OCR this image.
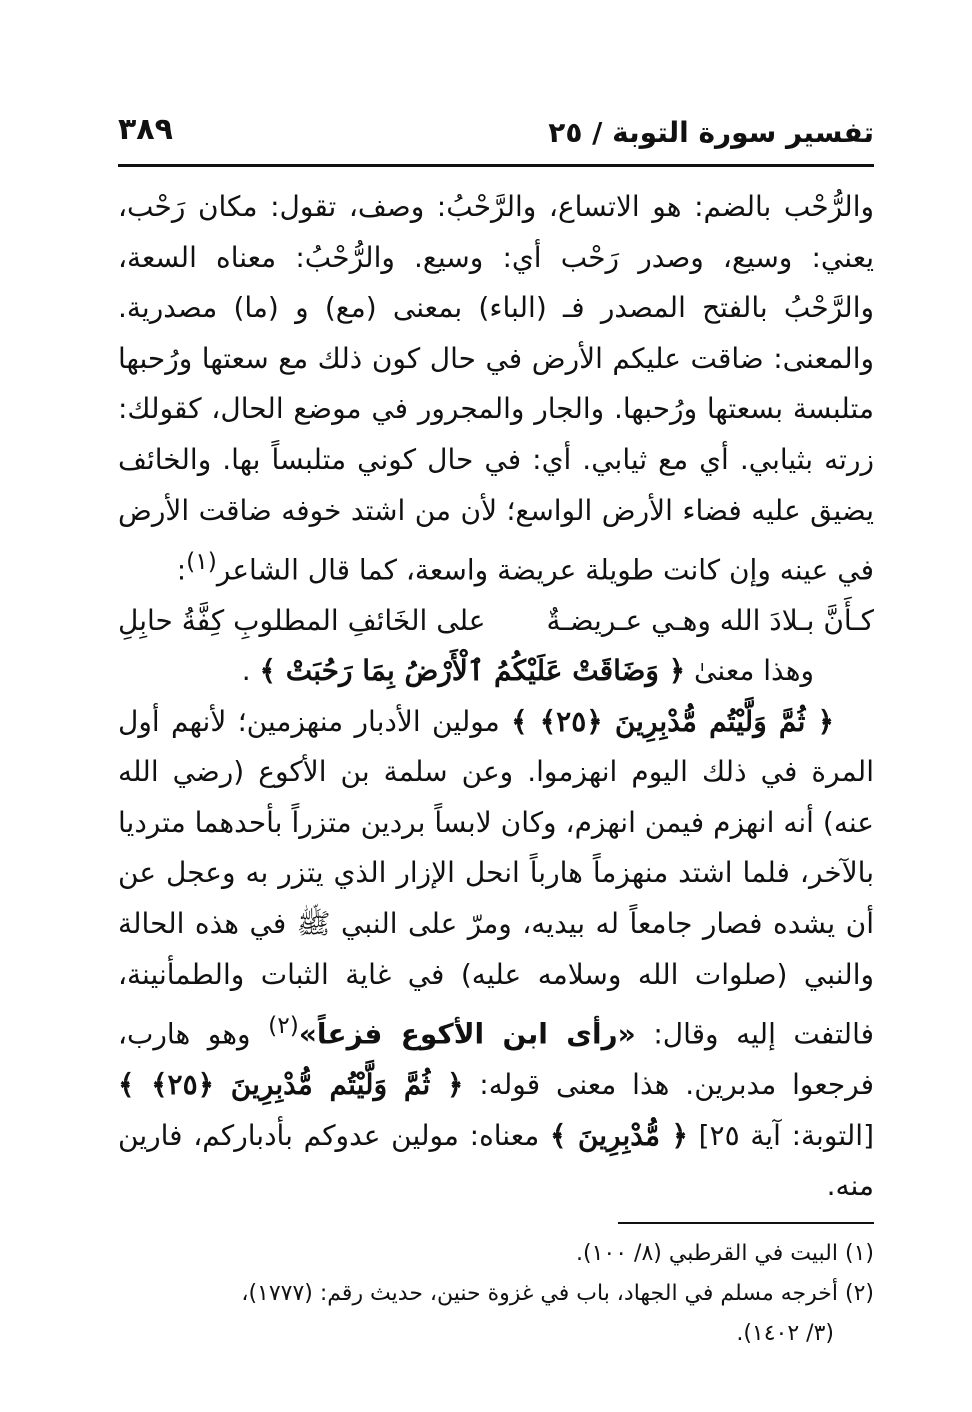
تفسير سورة التوبة / ٢٥
٣٨٩

والرُّحْب بالضم: هو الاتساع، والرَّحْبُ: وصف، تقول: مكان رَحْب، يعني: وسيع، وصدر رَحْب أي: وسيع. والرُّحْبُ: معناه السعة، والرَّحْبُ بالفتح المصدر فـ (الباء) بمعنى (مع) و (ما) مصدرية. والمعنى: ضاقت عليكم الأرض في حال كون ذلك مع سعتها ورُحبها متلبسة بسعتها ورُحبها. والجار والمجرور في موضع الحال، كقولك: زرته بثيابي. أي مع ثيابي. أي: في حال كوني متلبساً بها. والخائف يضيق عليه فضاء الأرض الواسع؛ لأن من اشتد خوفه ضاقت الأرض في عينه وإن كانت طويلة عريضة واسعة، كما قال الشاعر$^{(١)}$:

كـأَنَّ بـلادَ الله وهـي عـريضـةٌ
على الخَائفِ المطلوبِ كِفَّةُ حابِلِ

وهذا معنىٰ ﴿ وَضَاقَتْ عَلَيْكُمُ ٱلْأَرْضُ بِمَا رَحُبَتْ ﴾ .

﴿ ثُمَّ وَلَّيْتُم مُّدْبِرِينَ ﴿٢٥﴾ ﴾ مولين الأدبار منهزمين؛ لأنهم أول المرة في ذلك اليوم انهزموا. وعن سلمة بن الأكوع (رضي الله عنه) أنه انهزم فيمن انهزم، وكان لابساً بردين متزراً بأحدهما مترديا بالآخر، فلما اشتد منهزماً هارباً انحل الإزار الذي يتزر به وعجل عن أن يشده فصار جامعاً له بيديه، ومرّ على النبي ﷺ في هذه الحالة والنبي (صلوات الله وسلامه عليه) في غاية الثبات والطمأنينة، فالتفت إليه وقال: «رأى ابن الأكوع فزعاً»$^{(٢)}$ وهو هارب، فرجعوا مدبرين. هذا معنى قوله: ﴿ ثُمَّ وَلَّيْتُم مُّدْبِرِينَ ﴿٢٥﴾ ﴾ [التوبة: آية ٢٥] ﴿ مُّدْبِرِينَ ﴾ معناه: مولين عدوكم بأدباركم، فارين منه.

(١) البيت في القرطبي (٨/ ١٠٠).

(٢) أخرجه مسلم في الجهاد، باب في غزوة حنين، حديث رقم: (١٧٧٧)،

(٣/ ١٤٠٢).
